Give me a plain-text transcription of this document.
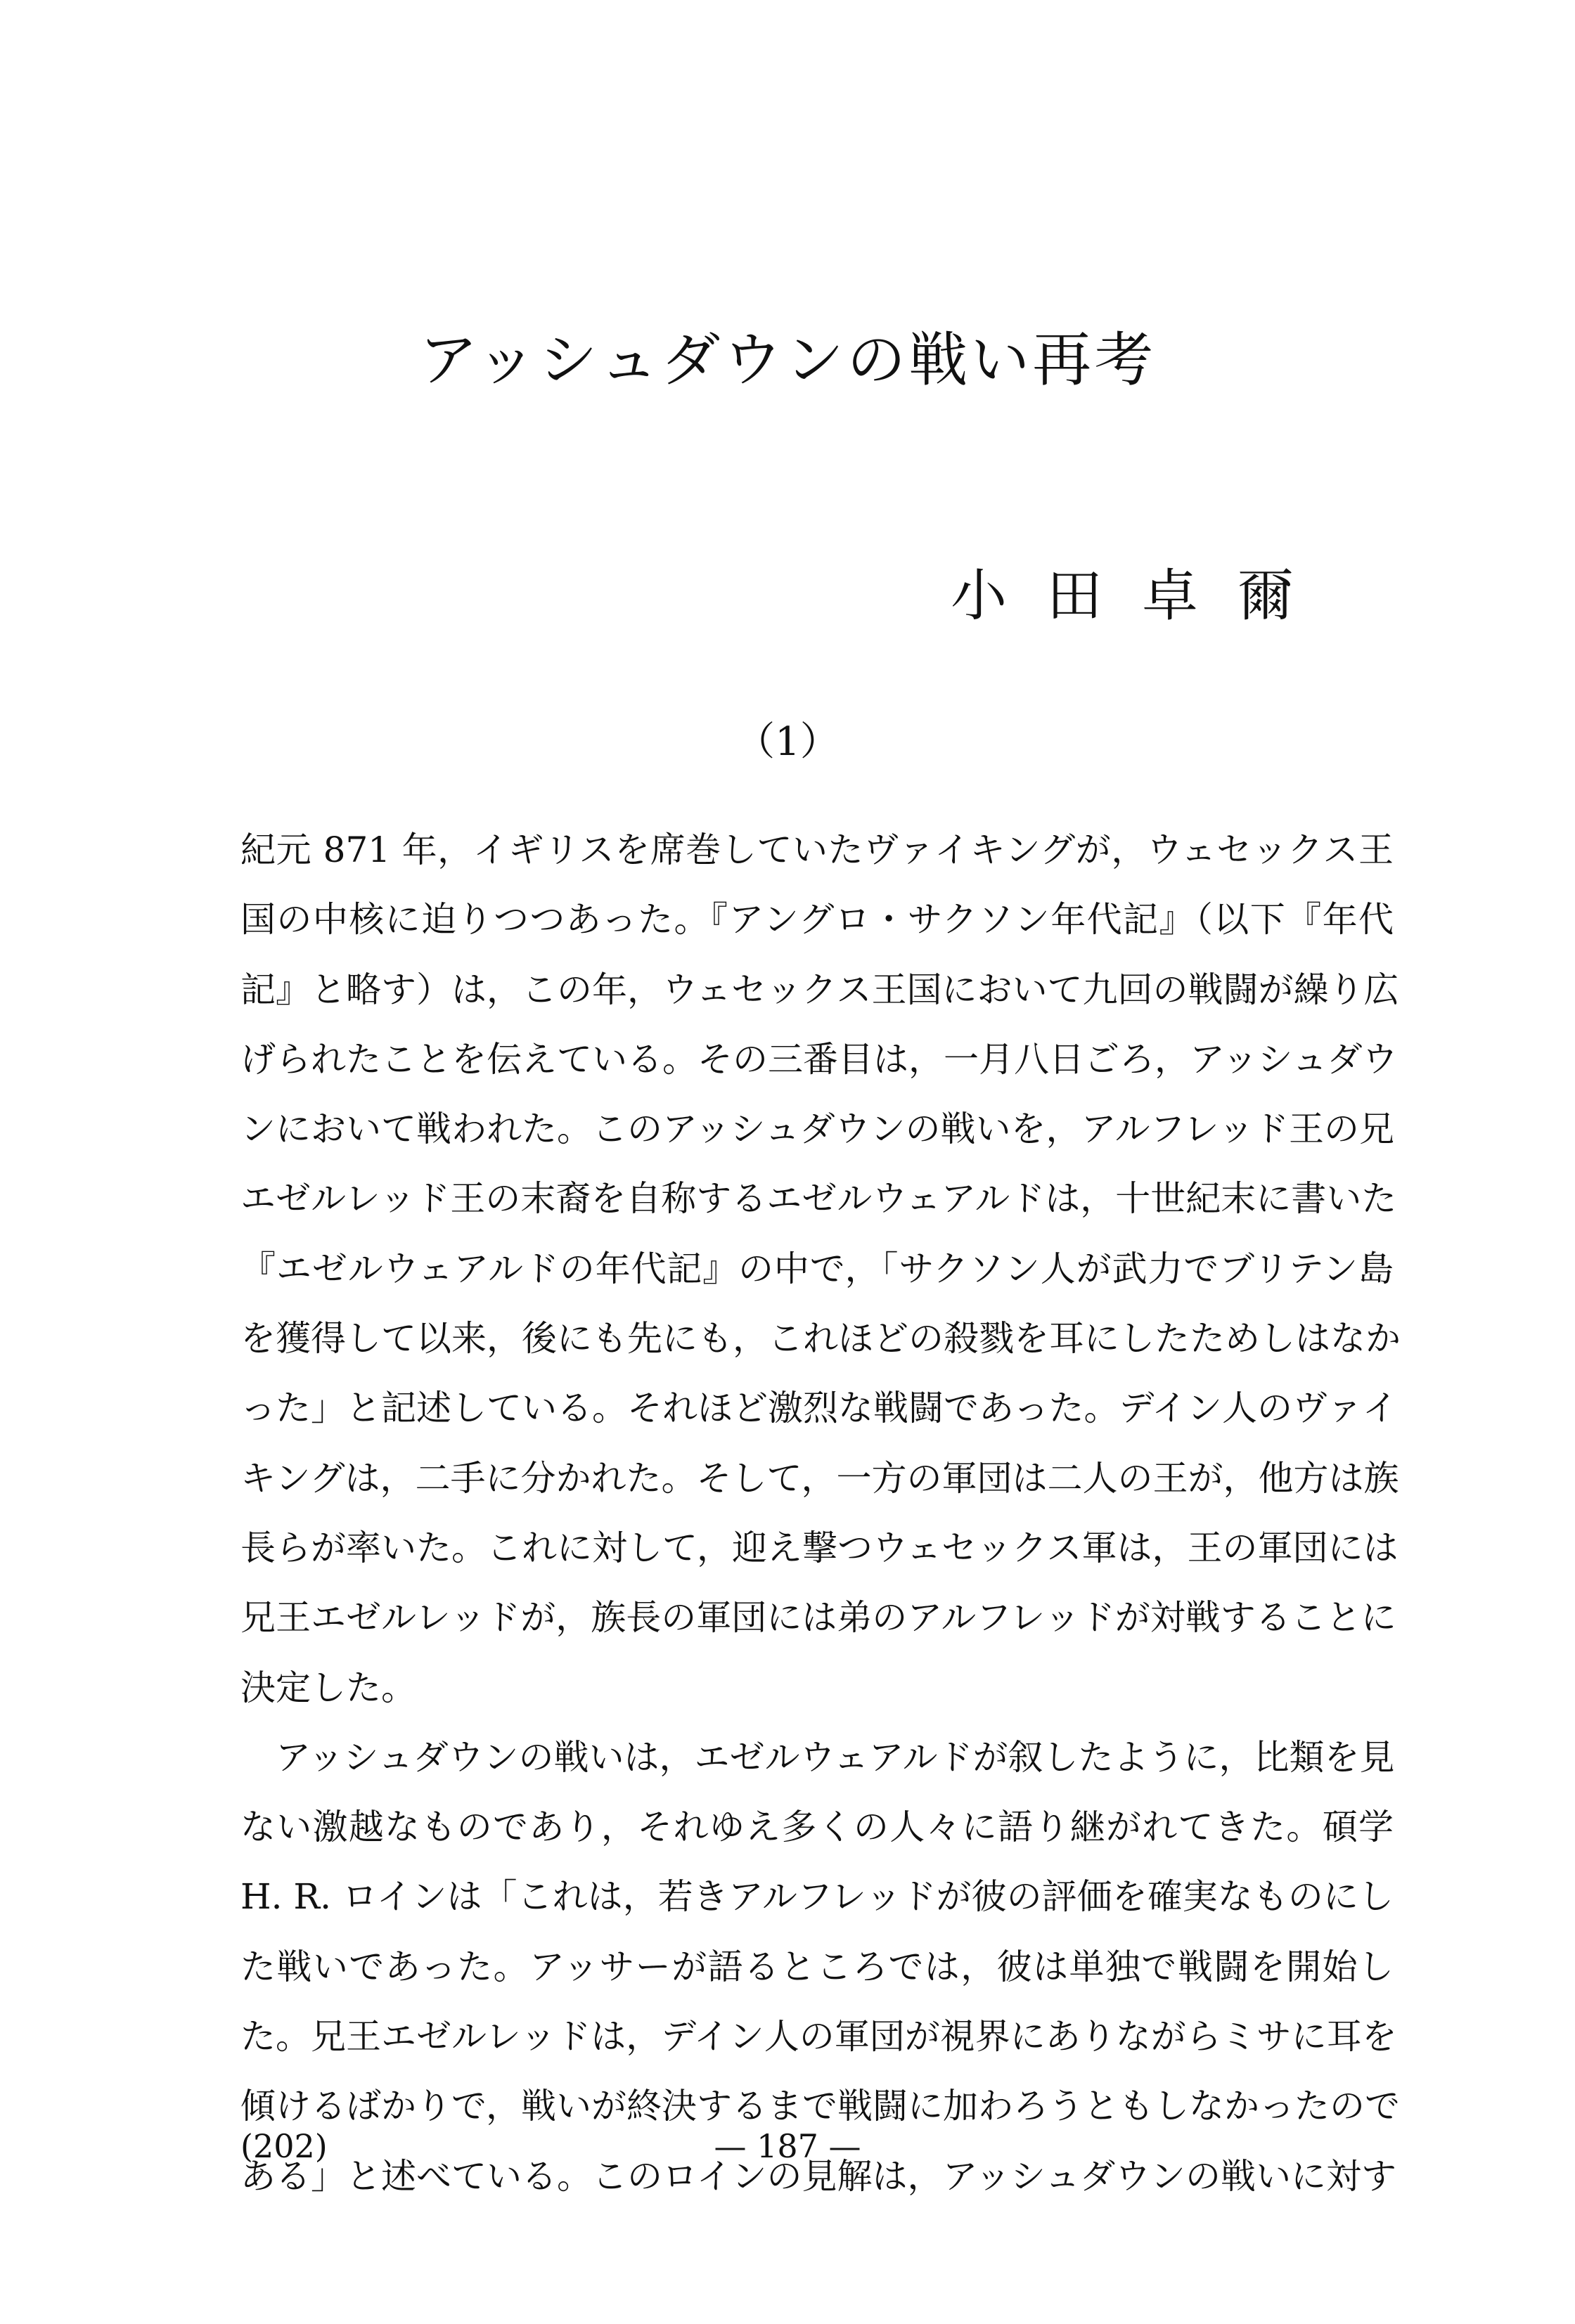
アッシュダウンの戦い再考
小田卓爾
（1）
紀元 871 年，イギリスを席巻していたヴァイキングが，ウェセックス王
国の中核に迫りつつあった。『アングロ・サクソン年代記』（以下『年代
記』と略す）は，この年，ウェセックス王国において九回の戦闘が繰り広
げられたことを伝えている。その三番目は，一月八日ごろ，アッシュダウ
ンにおいて戦われた。このアッシュダウンの戦いを，アルフレッド王の兄
エゼルレッド王の末裔を自称するエゼルウェアルドは，十世紀末に書いた
『エゼルウェアルドの年代記』の中で，「サクソン人が武力でブリテン島
を獲得して以来，後にも先にも，これほどの殺戮を耳にしたためしはなか
った」と記述している。それほど激烈な戦闘であった。デイン人のヴァイ
キングは，二手に分かれた。そして，一方の軍団は二人の王が，他方は族
長らが率いた。これに対して，迎え撃つウェセックス軍は，王の軍団には
兄王エゼルレッドが，族長の軍団には弟のアルフレッドが対戦することに
決定した。
　アッシュダウンの戦いは，エゼルウェアルドが叙したように，比類を見
ない激越なものであり，それゆえ多くの人々に語り継がれてきた。碩学
H. R. ロインは「これは，若きアルフレッドが彼の評価を確実なものにし
た戦いであった。アッサーが語るところでは，彼は単独で戦闘を開始し
た。兄王エゼルレッドは，デイン人の軍団が視界にありながらミサに耳を
傾けるばかりで，戦いが終決するまで戦闘に加わろうともしなかったので
ある」と述べている。このロインの見解は，アッシュダウンの戦いに対す
(202)	— 187 —
